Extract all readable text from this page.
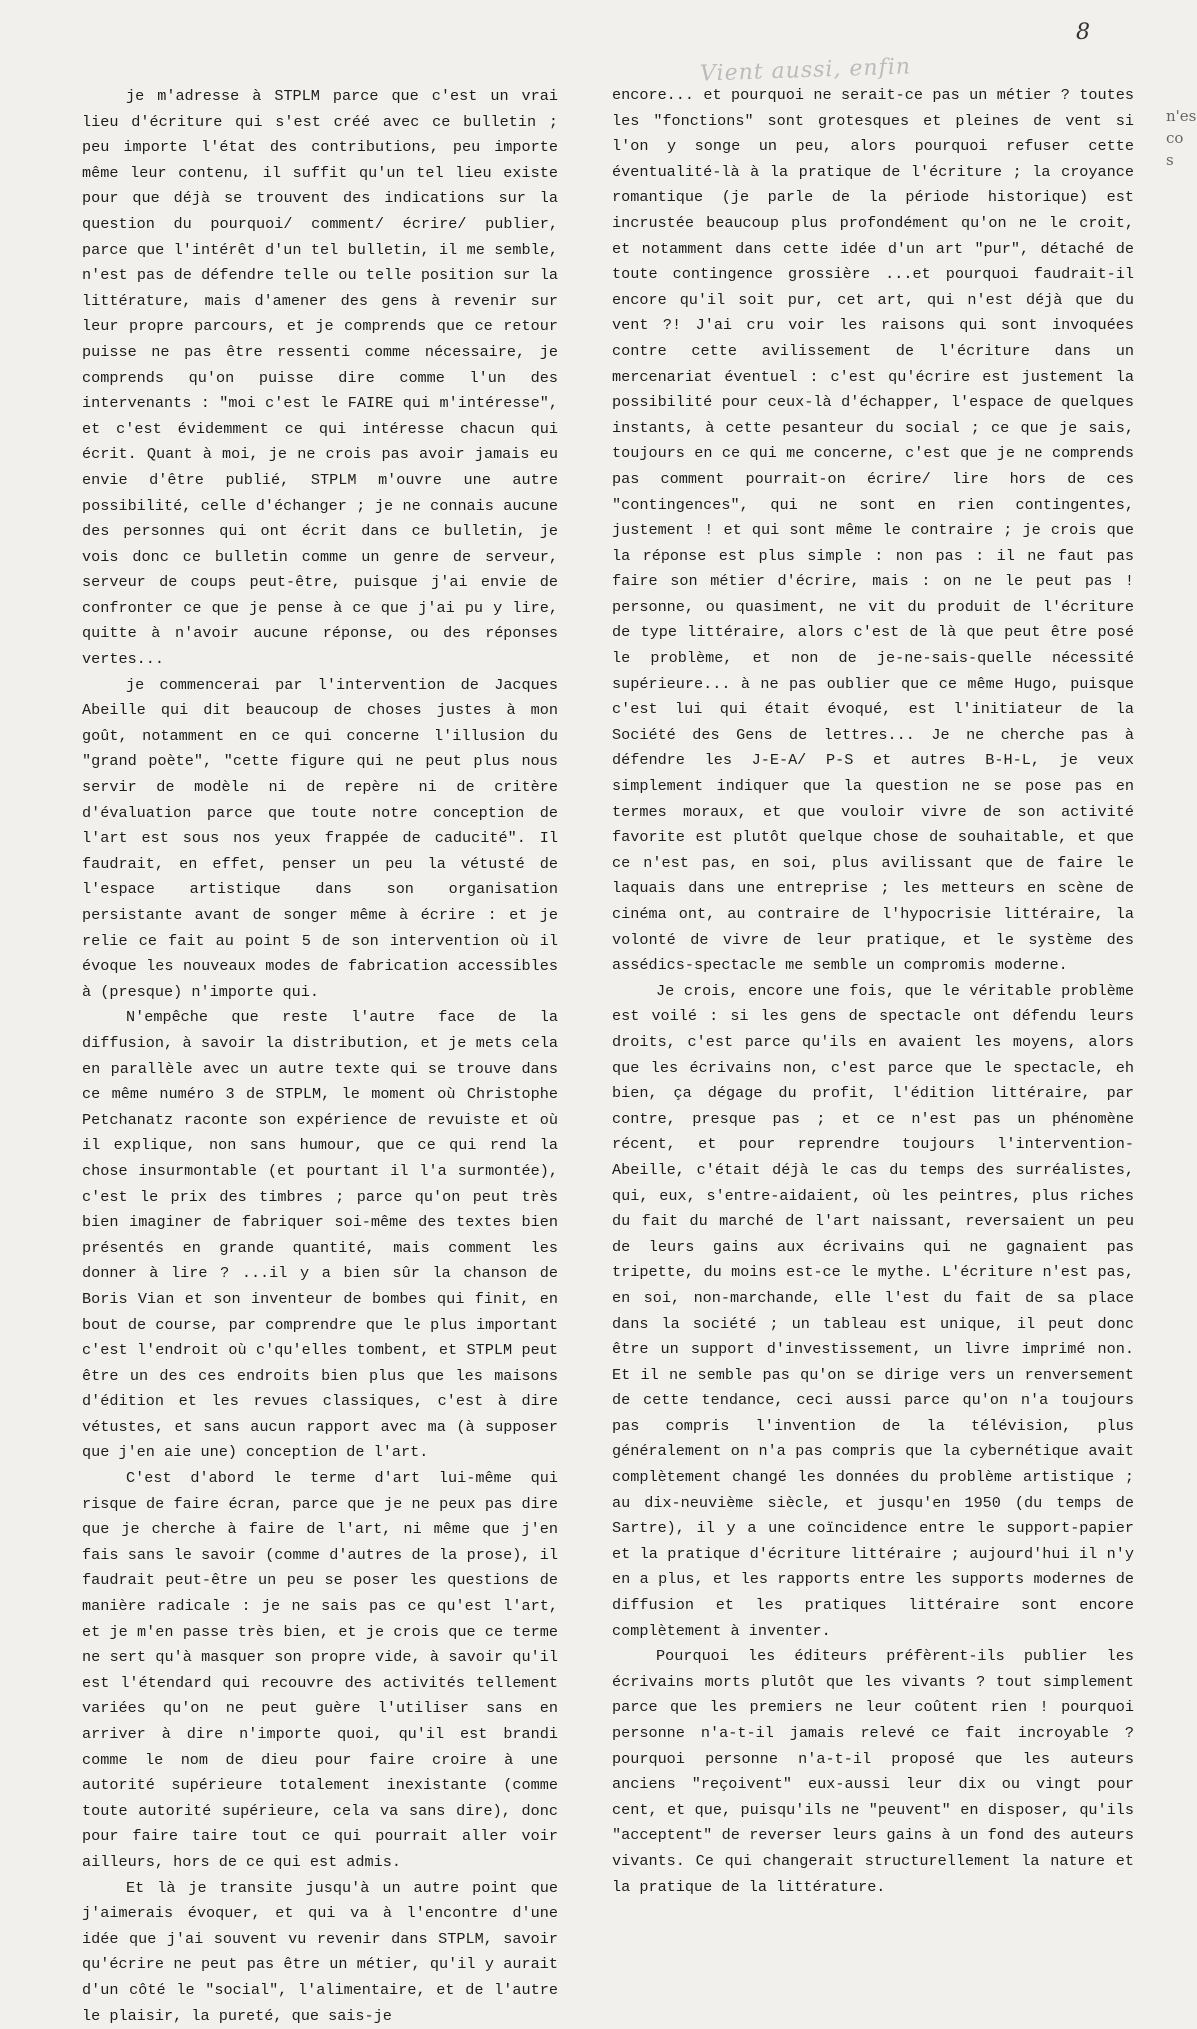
8
Vient aussi, enfin
n'es
co
s

je m'adresse à STPLM parce que c'est un vrai lieu d'écriture qui s'est créé avec ce bulletin ; peu importe l'état des contributions, peu importe même leur contenu, il suffit qu'un tel lieu existe pour que déjà se trouvent des indications sur la question du pourquoi/ comment/ écrire/ publier, parce que l'intérêt d'un tel bulletin, il me semble, n'est pas de défendre telle ou telle position sur la littérature, mais d'amener des gens à revenir sur leur propre parcours, et je comprends que ce retour puisse ne pas être ressenti comme nécessaire, je comprends qu'on puisse dire comme l'un des intervenants : "moi c'est le FAIRE qui m'intéresse", et c'est évidemment ce qui intéresse chacun qui écrit. Quant à moi, je ne crois pas avoir jamais eu envie d'être publié, STPLM m'ouvre une autre possibilité, celle d'échanger ; je ne connais aucune des personnes qui ont écrit dans ce bulletin, je vois donc ce bulletin comme un genre de serveur, serveur de coups peut-être, puisque j'ai envie de confronter ce que je pense à ce que j'ai pu y lire, quitte à n'avoir aucune réponse, ou des réponses vertes...

je commencerai par l'intervention de Jacques Abeille qui dit beaucoup de choses justes à mon goût, notamment en ce qui concerne l'illusion du "grand poète", "cette figure qui ne peut plus nous servir de modèle ni de repère ni de critère d'évaluation parce que toute notre conception de l'art est sous nos yeux frappée de caducité". Il faudrait, en effet, penser un peu la vétusté de l'espace artistique dans son organisation persistante avant de songer même à écrire : et je relie ce fait au point 5 de son intervention où il évoque les nouveaux modes de fabrication accessibles à (presque) n'importe qui.

N'empêche que reste l'autre face de la diffusion, à savoir la distribution, et je mets cela en parallèle avec un autre texte qui se trouve dans ce même numéro 3 de STPLM, le moment où Christophe Petchanatz raconte son expérience de revuiste et où il explique, non sans humour, que ce qui rend la chose insurmontable (et pourtant il l'a surmontée), c'est le prix des timbres ; parce qu'on peut très bien imaginer de fabriquer soi-même des textes bien présentés en grande quantité, mais comment les donner à lire ? ...il y a bien sûr la chanson de Boris Vian et son inventeur de bombes qui finit, en bout de course, par comprendre que le plus important c'est l'endroit où c'qu'elles tombent, et STPLM peut être un des ces endroits bien plus que les maisons d'édition et les revues classiques, c'est à dire vétustes, et sans aucun rapport avec ma (à supposer que j'en aie une) conception de l'art.

C'est d'abord le terme d'art lui-même qui risque de faire écran, parce que je ne peux pas dire que je cherche à faire de l'art, ni même que j'en fais sans le savoir (comme d'autres de la prose), il faudrait peut-être un peu se poser les questions de manière radicale : je ne sais pas ce qu'est l'art, et je m'en passe très bien, et je crois que ce terme ne sert qu'à masquer son propre vide, à savoir qu'il est l'étendard qui recouvre des activités tellement variées qu'on ne peut guère l'utiliser sans en arriver à dire n'importe quoi, qu'il est brandi comme le nom de dieu pour faire croire à une autorité supérieure totalement inexistante (comme toute autorité supérieure, cela va sans dire), donc pour faire taire tout ce qui pourrait aller voir ailleurs, hors de ce qui est admis.

Et là je transite jusqu'à un autre point que j'aimerais évoquer, et qui va à l'encontre d'une idée que j'ai souvent vu revenir dans STPLM, savoir qu'écrire ne peut pas être un métier, qu'il y aurait d'un côté le "social", l'alimentaire, et de l'autre le plaisir, la pureté, que sais-je

encore... et pourquoi ne serait-ce pas un métier ? toutes les "fonctions" sont grotesques et pleines de vent si l'on y songe un peu, alors pourquoi refuser cette éventualité-là à la pratique de l'écriture ; la croyance romantique (je parle de la période historique) est incrustée beaucoup plus profondément qu'on ne le croit, et notamment dans cette idée d'un art "pur", détaché de toute contingence grossière ...et pourquoi faudrait-il encore qu'il soit pur, cet art, qui n'est déjà que du vent ?! J'ai cru voir les raisons qui sont invoquées contre cette avilissement de l'écriture dans un mercenariat éventuel : c'est qu'écrire est justement la possibilité pour ceux-là d'échapper, l'espace de quelques instants, à cette pesanteur du social ; ce que je sais, toujours en ce qui me concerne, c'est que je ne comprends pas comment pourrait-on écrire/ lire hors de ces "contingences", qui ne sont en rien contingentes, justement ! et qui sont même le contraire ; je crois que la réponse est plus simple : non pas : il ne faut pas faire son métier d'écrire, mais : on ne le peut pas ! personne, ou quasiment, ne vit du produit de l'écriture de type littéraire, alors c'est de là que peut être posé le problème, et non de je-ne-sais-quelle nécessité supérieure... à ne pas oublier que ce même Hugo, puisque c'est lui qui était évoqué, est l'initiateur de la Société des Gens de lettres... Je ne cherche pas à défendre les J-E-A/ P-S et autres B-H-L, je veux simplement indiquer que la question ne se pose pas en termes moraux, et que vouloir vivre de son activité favorite est plutôt quelque chose de souhaitable, et que ce n'est pas, en soi, plus avilissant que de faire le laquais dans une entreprise ; les metteurs en scène de cinéma ont, au contraire de l'hypocrisie littéraire, la volonté de vivre de leur pratique, et le système des assédics-spectacle me semble un compromis moderne.

Je crois, encore une fois, que le véritable problème est voilé : si les gens de spectacle ont défendu leurs droits, c'est parce qu'ils en avaient les moyens, alors que les écrivains non, c'est parce que le spectacle, eh bien, ça dégage du profit, l'édition littéraire, par contre, presque pas ; et ce n'est pas un phénomène récent, et pour reprendre toujours l'intervention-Abeille, c'était déjà le cas du temps des surréalistes, qui, eux, s'entre-aidaient, où les peintres, plus riches du fait du marché de l'art naissant, reversaient un peu de leurs gains aux écrivains qui ne gagnaient pas tripette, du moins est-ce le mythe. L'écriture n'est pas, en soi, non-marchande, elle l'est du fait de sa place dans la société ; un tableau est unique, il peut donc être un support d'investissement, un livre imprimé non. Et il ne semble pas qu'on se dirige vers un renversement de cette tendance, ceci aussi parce qu'on n'a toujours pas compris l'invention de la télévision, plus généralement on n'a pas compris que la cybernétique avait complètement changé les données du problème artistique ; au dix-neuvième siècle, et jusqu'en 1950 (du temps de Sartre), il y a une coïncidence entre le support-papier et la pratique d'écriture littéraire ; aujourd'hui il n'y en a plus, et les rapports entre les supports modernes de diffusion et les pratiques littéraire sont encore complètement à inventer.

Pourquoi les éditeurs préfèrent-ils publier les écrivains morts plutôt que les vivants ? tout simplement parce que les premiers ne leur coûtent rien ! pourquoi personne n'a-t-il jamais relevé ce fait incroyable ? pourquoi personne n'a-t-il proposé que les auteurs anciens "reçoivent" eux-aussi leur dix ou vingt pour cent, et que, puisqu'ils ne "peuvent" en disposer, qu'ils "acceptent" de reverser leurs gains à un fond des auteurs vivants. Ce qui changerait structurellement la nature et la pratique de la littérature.
